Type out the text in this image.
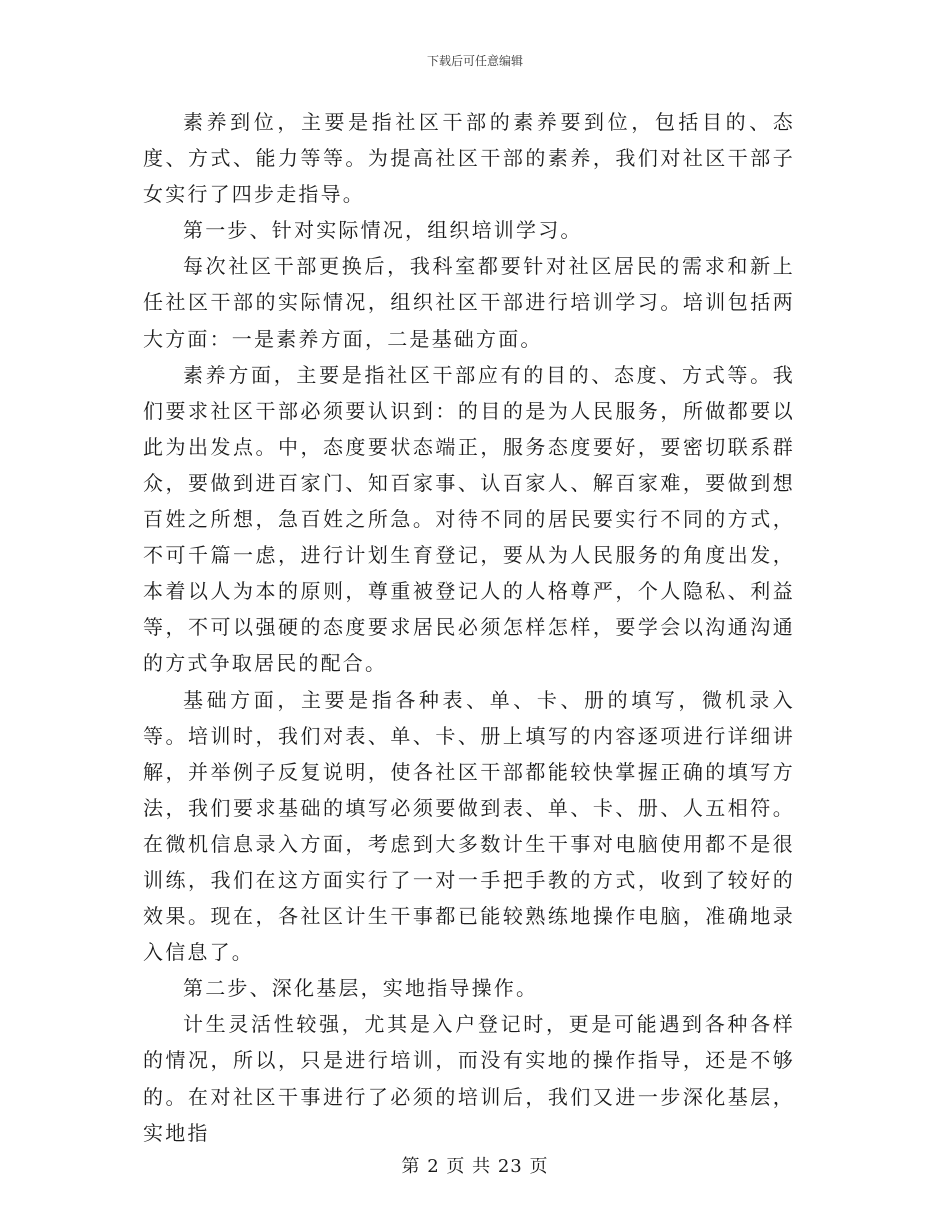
下载后可任意编辑

素养到位，主要是指社区干部的素养要到位，包括目的、态度、方式、能力等等。为提高社区干部的素养，我们对社区干部子女实行了四步走指导。

第一步、针对实际情况，组织培训学习。

每次社区干部更换后，我科室都要针对社区居民的需求和新上任社区干部的实际情况，组织社区干部进行培训学习。培训包括两大方面：一是素养方面，二是基础方面。

素养方面，主要是指社区干部应有的目的、态度、方式等。我们要求社区干部必须要认识到：的目的是为人民服务，所做都要以此为出发点。中，态度要状态端正，服务态度要好，要密切联系群众，要做到进百家门、知百家事、认百家人、解百家难，要做到想百姓之所想，急百姓之所急。对待不同的居民要实行不同的方式，不可千篇一虑，进行计划生育登记，要从为人民服务的角度出发，本着以人为本的原则，尊重被登记人的人格尊严，个人隐私、利益等，不可以强硬的态度要求居民必须怎样怎样，要学会以沟通沟通的方式争取居民的配合。

基础方面，主要是指各种表、单、卡、册的填写，微机录入等。培训时，我们对表、单、卡、册上填写的内容逐项进行详细讲解，并举例子反复说明，使各社区干部都能较快掌握正确的填写方法，我们要求基础的填写必须要做到表、单、卡、册、人五相符。在微机信息录入方面，考虑到大多数计生干事对电脑使用都不是很训练，我们在这方面实行了一对一手把手教的方式，收到了较好的效果。现在，各社区计生干事都已能较熟练地操作电脑，准确地录入信息了。

第二步、深化基层，实地指导操作。

计生灵活性较强，尤其是入户登记时，更是可能遇到各种各样的情况，所以，只是进行培训，而没有实地的操作指导，还是不够的。在对社区干事进行了必须的培训后，我们又进一步深化基层，实地指

第 2 页 共 23 页
